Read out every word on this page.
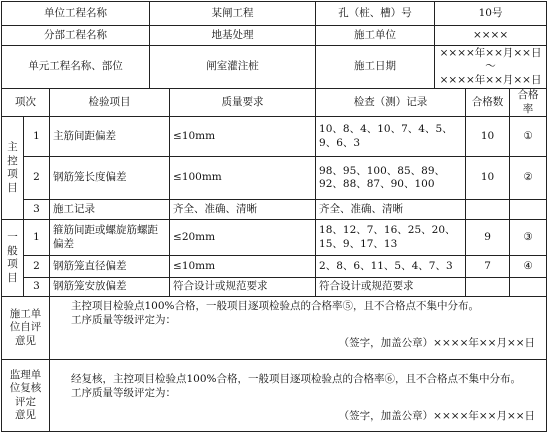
单位工程名称			某闸工程		孔（桩、槽）号	10号		
分部工程名称			地基处理		施工单位	××××		
单元工程名称、部位			闸室灌注桩		施工日期	××××年××月××日～
××××年××月××日		

项次		检验项目		质量要求	检查（测）记录		合格数	合格率

主
控
项
目	1	主筋间距偏差		≤10mm	10、8、4、10、7、4、5、9、6、3		10	①
	2	钢筋笼长度偏差		≤100mm	98、95、100、85、89、92、88、87、90、100		10	②
	3	施工记录		齐全、准确、清晰	齐全、准确、清晰			

一
般
项
目	1	箍筋间距或螺旋筋螺距偏差		≤20mm	18、12、7、16、25、20、15、9、17、13		9	③
	2	钢筋笼直径偏差		≤10mm	2、8、6、11、5、4、7、3		7	④
	3	钢筋笼安放偏差		符合设计或规范要求	符合设计或规范要求			

施工单
位自评
意见		主控项目检验点100%合格，一般项目逐项检验点的合格率⑤，且不合格点不集中分布。
工序质量等级评定为：
（签字，加盖公章）××××年××月××日						

监理单
位复核
评定
意见		经复核，主控项目检验点100%合格，一般项目逐项检验点的合格率⑥，且不合格点不集中分布。
工序质量等级评定为：
（签字，加盖公章）××××年××月××日						
